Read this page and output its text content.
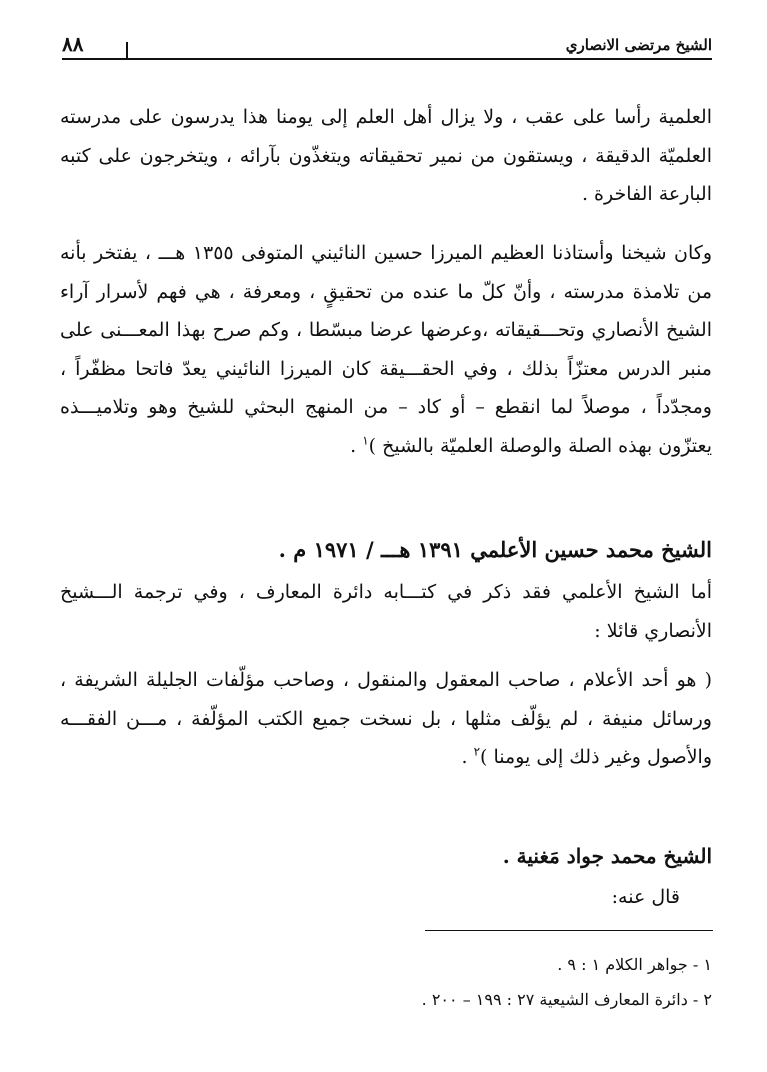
٨٨	الشيخ مرتضى الانصاري

العلمية رأسا على عقب ، ولا يزال أهل العلم إلى يومنا هذا يدرسون على مدرسته العلميّة الدقيقة ، ويستقون من نمير تحقيقاته ويتغذّون بآرائه ، ويتخرجون على كتبه البارعة الفاخرة .

وكان شيخنا وأستاذنا العظيم الميرزا حسين النائيني المتوفى ١٣٥٥ هـــ ، يفتخر بأنه من تلامذة مدرسته ، وأنّ كلّ ما عنده من تحقيقٍ ، ومعرفة ، هي فهم لأسرار آراء الشيخ الأنصاري وتحـــقيقاته ،وعرضها عرضا مبسّطا ، وكم صرح بهذا المعـــنى على منبر الدرس معتزّاً بذلك ، وفي الحقـــيقة كان الميرزا النائيني يعدّ فاتحا مظفّراً ، ومجدّداً ، موصلاً لما انقطع – أو كاد – من المنهج البحثي للشيخ وهو وتلاميـــذه يعتزّون بهذه الصلة والوصلة العلميّة بالشيخ )$^١$ .

الشيخ محمد حسين الأعلمي ١٣٩١ هـــ / ١٩٧١ م .

أما الشيخ الأعلمي فقد ذكر في كتـــابه دائرة المعارف ، وفي ترجمة الـــشيخ الأنصاري قائلا :

( هو أحد الأعلام ، صاحب المعقول والمنقول ، وصاحب مؤلّفات الجليلة الشريفة ، ورسائل منيفة ، لم يؤلّف مثلها ، بل نسخت جميع الكتب المؤلّفة ، مـــن الفقـــه والأصول وغير ذلك إلى يومنا )$^٢$ .

الشيخ محمد جواد مَغنية .
قال عنه:
١ - جواهر الكلام ١ : ٩ .
٢ - دائرة المعارف الشيعية ٢٧ : ١٩٩ – ٢٠٠ .
